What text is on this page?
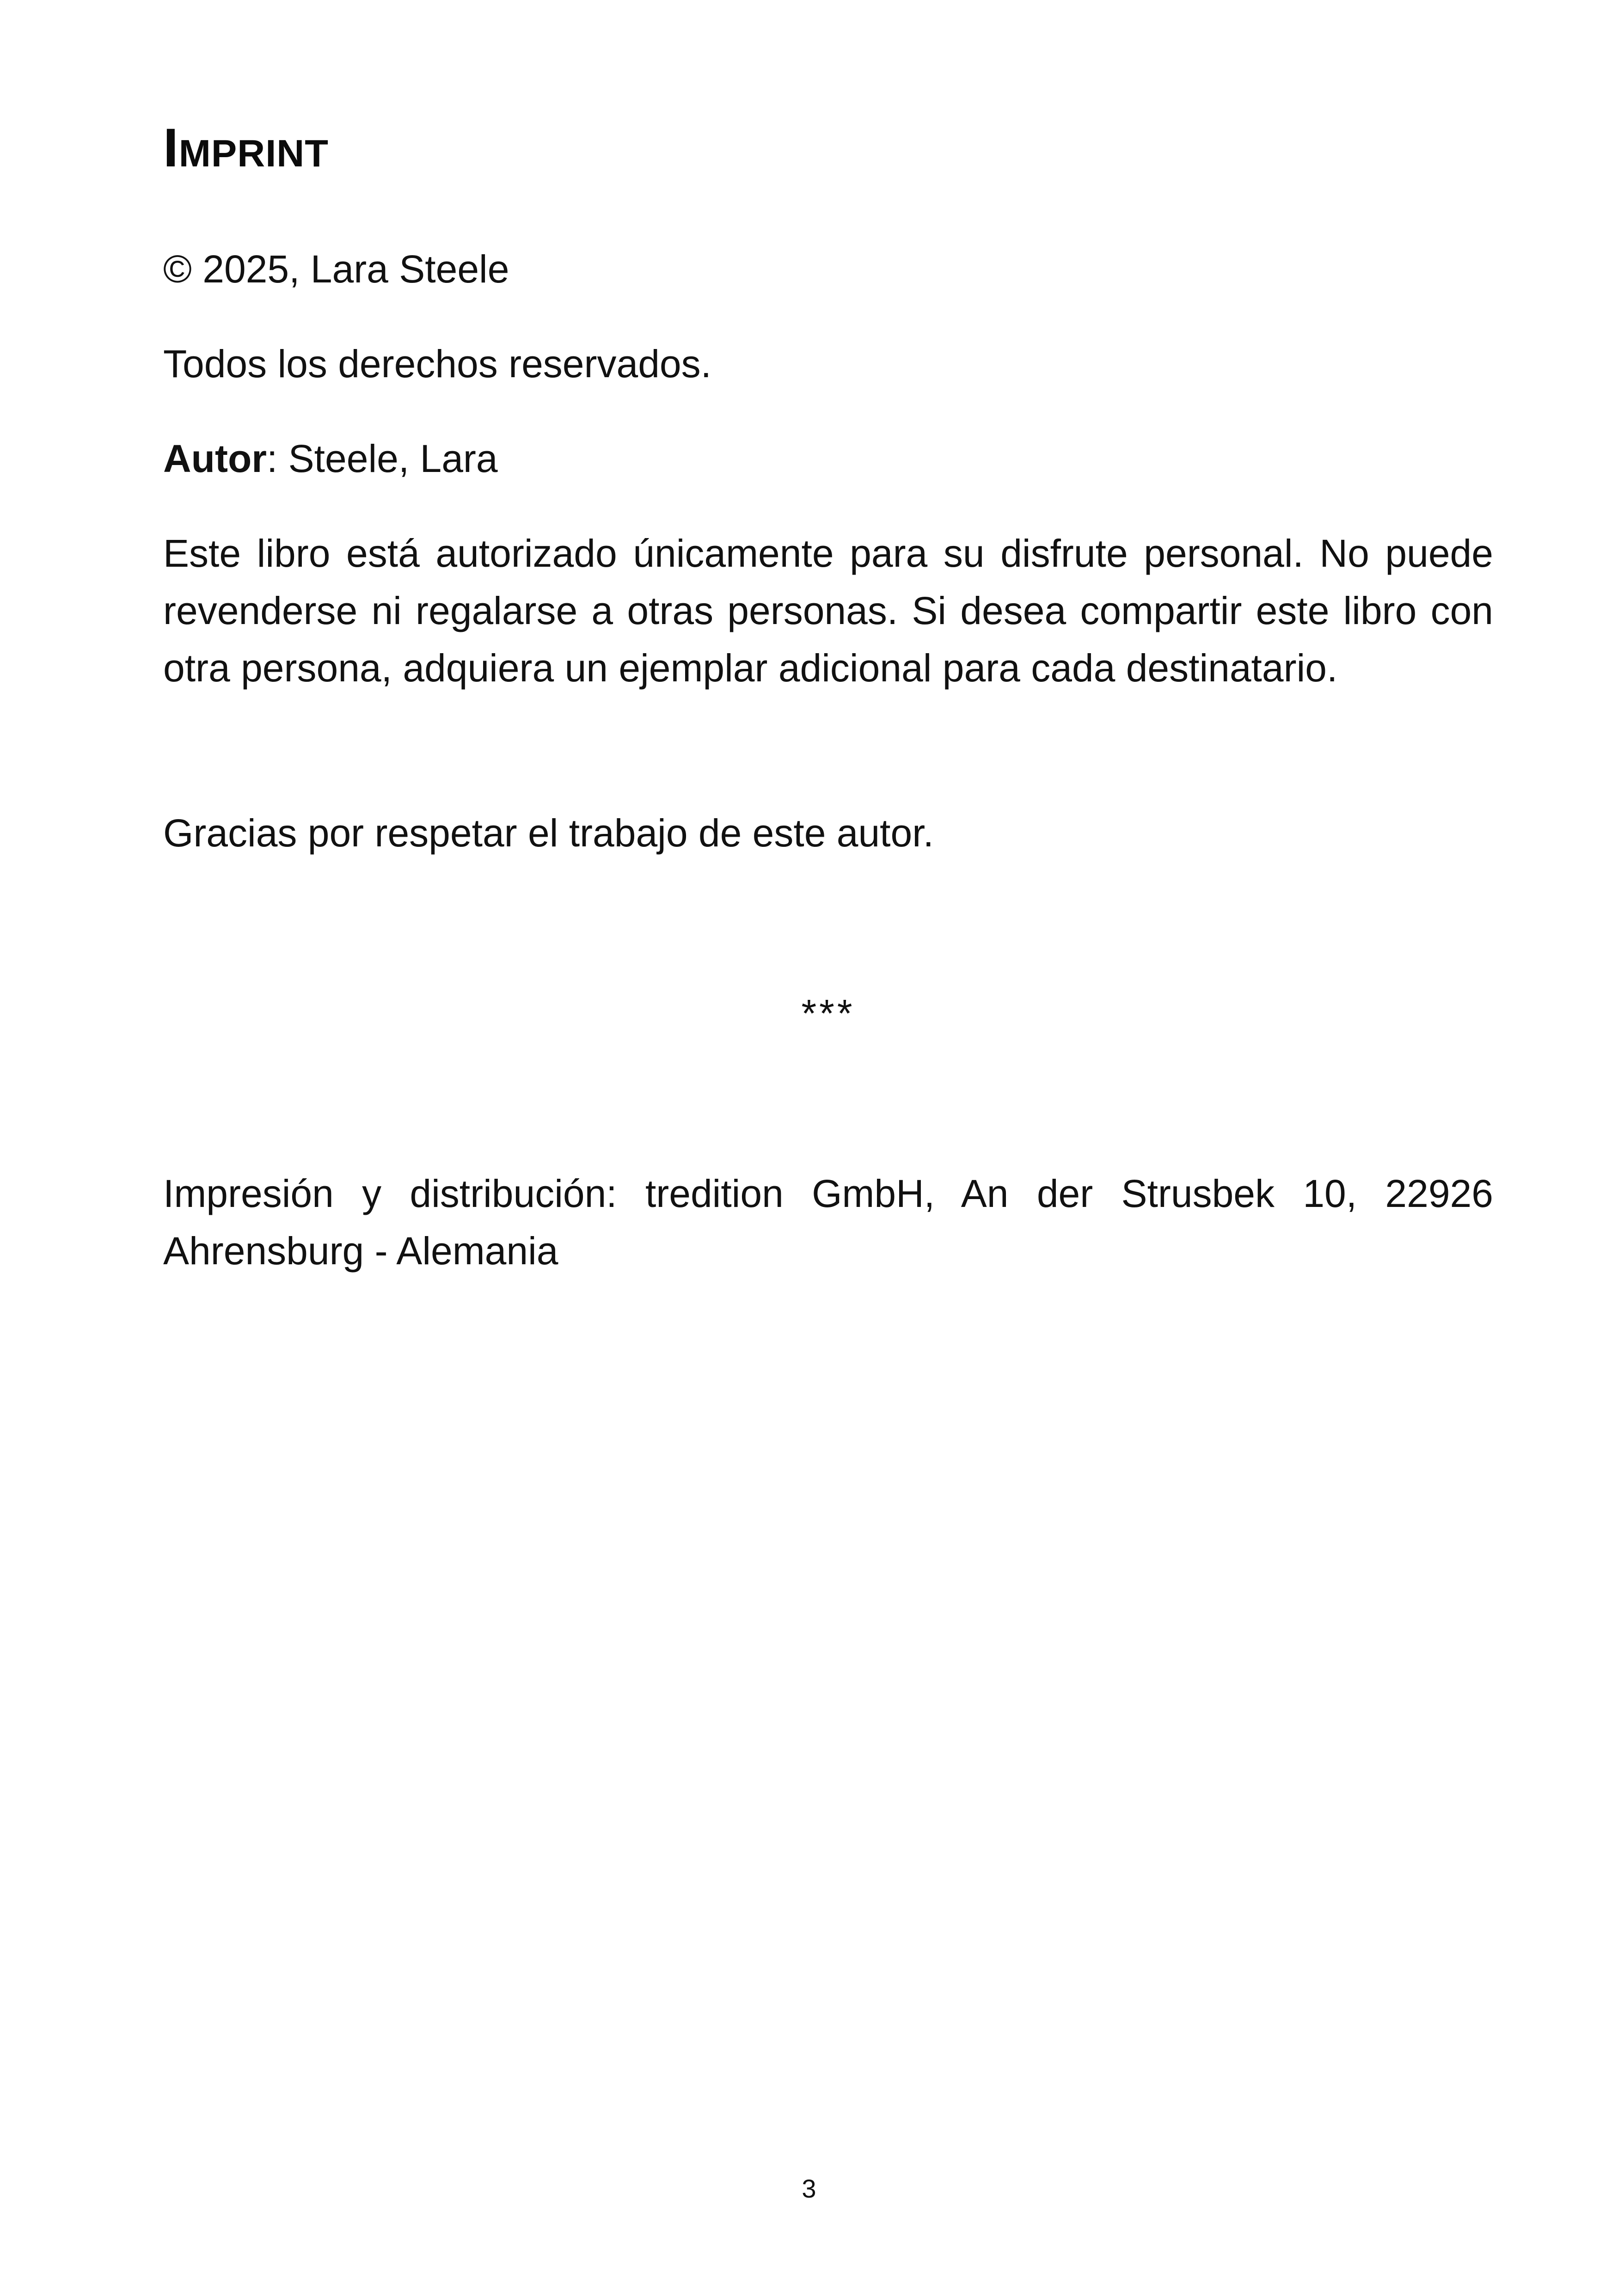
Imprint

© 2025, Lara Steele

Todos los derechos reservados.

Autor: Steele, Lara

Este libro está autorizado únicamente para su disfrute personal. No puede revenderse ni regalarse a otras personas. Si desea compartir este libro con otra persona, adquiera un ejemplar adicional para cada destinatario.

Gracias por respetar el trabajo de este autor.

***

Impresión y distribución: tredition GmbH, An der Strusbek 10, 22926
Ahrensburg - Alemania

3
